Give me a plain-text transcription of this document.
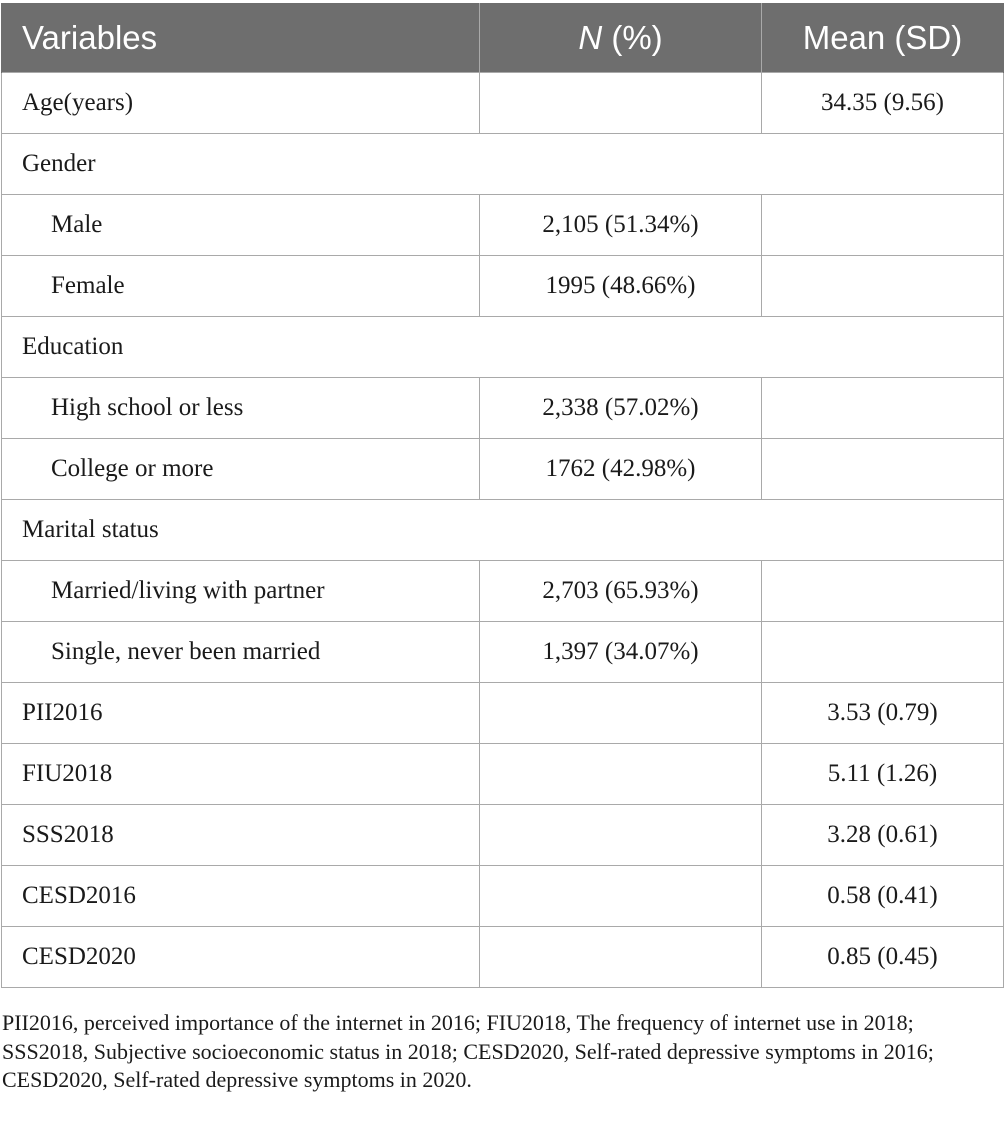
Variables	N (%)	Mean (SD)
Age(years)		34.35 (9.56)
Gender		
Male	2,105 (51.34%)	
Female	1995 (48.66%)	
Education		
High school or less	2,338 (57.02%)	
College or more	1762 (42.98%)	
Marital status		
Married/living with partner	2,703 (65.93%)	
Single, never been married	1,397 (34.07%)	
PII2016		3.53 (0.79)
FIU2018		5.11 (1.26)
SSS2018		3.28 (0.61)
CESD2016		0.58 (0.41)
CESD2020		0.85 (0.45)

PII2016, perceived importance of the internet in 2016; FIU2018, The frequency of internet use in 2018; SSS2018, Subjective socioeconomic status in 2018; CESD2020, Self-rated depressive symptoms in 2016; CESD2020, Self-rated depressive symptoms in 2020.
